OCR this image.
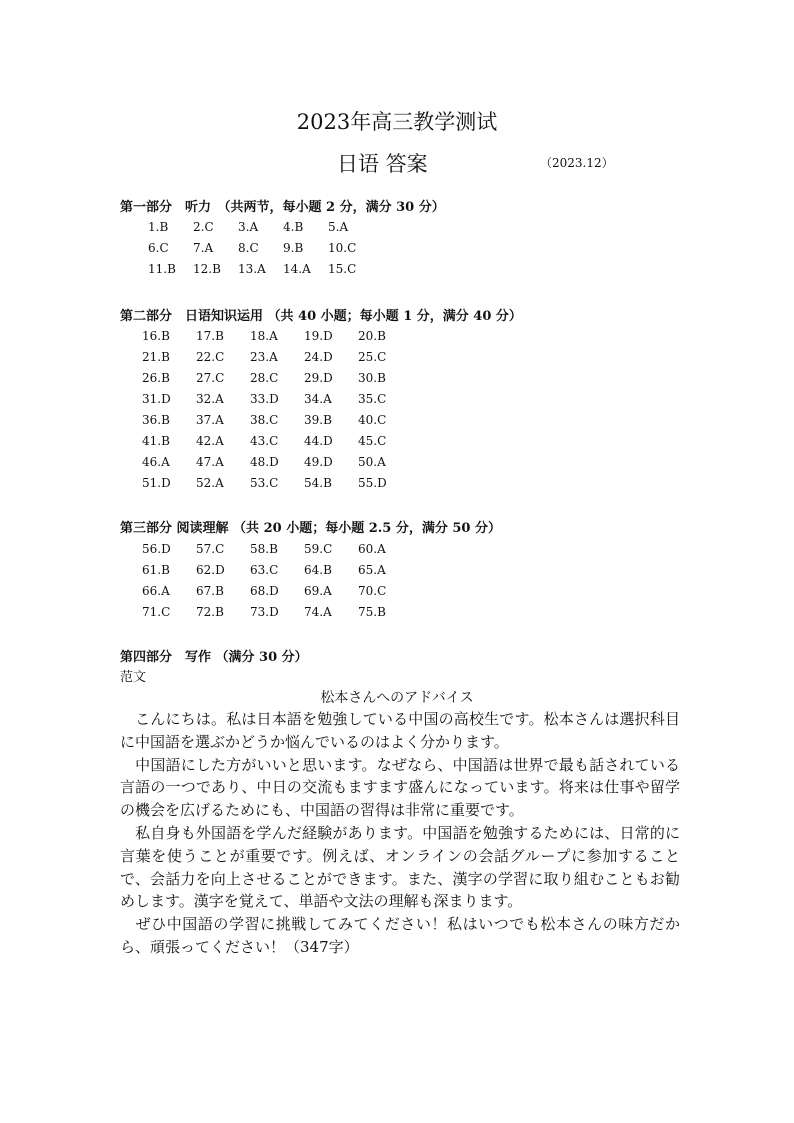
2023年高三教学测试
日语 答案	（2023.12）
第一部分　听力　（共两节，每小题 2 分，满分 30 分）
1.B 2.C 3.A 4.B 5.A
6.C 7.A 8.C 9.B 10.C
11.B 12.B 13.A 14.A 15.C
第二部分　日语知识运用 （共 40 小题；每小题 1 分，满分 40 分）
16.B 17.B 18.A 19.D 20.B
21.B 22.C 23.A 24.D 25.C
26.B 27.C 28.C 29.D 30.B
31.D 32.A 33.D 34.A 35.C
36.B 37.A 38.C 39.B 40.C
41.B 42.A 43.C 44.D 45.C
46.A 47.A 48.D 49.D 50.A
51.D 52.A 53.C 54.B 55.D
第三部分 阅读理解 （共 20 小题；每小题 2.5 分，满分 50 分）
56.D 57.C 58.B 59.C 60.A
61.B 62.D 63.C 64.B 65.A
66.A 67.B 68.D 69.A 70.C
71.C 72.B 73.D 74.A 75.B
第四部分　写作 （满分 30 分）
范文
松本さんへのアドバイス

　こんにちは。私は日本語を勉強している中国の高校生です。松本さんは選択科目に中国語を選ぶかどうか悩んでいるのはよく分かります。

　中国語にした方がいいと思います。なぜなら、中国語は世界で最も話されている言語の一つであり、中日の交流もますます盛んになっています。将来は仕事や留学の機会を広げるためにも、中国語の習得は非常に重要です。

　私自身も外国語を学んだ経験があります。中国語を勉強するためには、日常的に言葉を使うことが重要です。例えば、オンラインの会話グループに参加することで、会話力を向上させることができます。また、漢字の学習に取り組むこともお勧めします。漢字を覚えて、単語や文法の理解も深まります。

　ぜひ中国語の学習に挑戦してみてください！私はいつでも松本さんの味方だから、頑張ってください！（347字）
